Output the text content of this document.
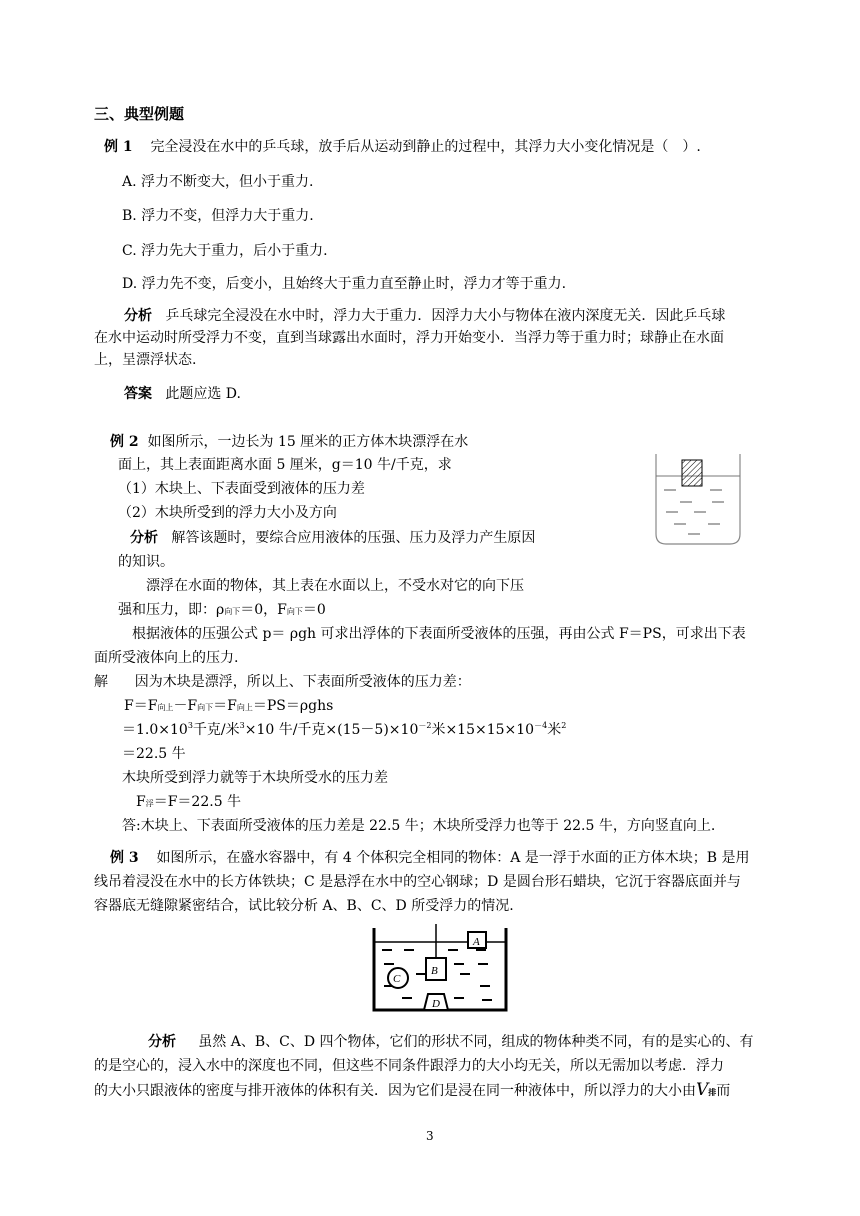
三、典型例题
例 1 完全浸没在水中的乒乓球，放手后从运动到静止的过程中，其浮力大小变化情况是（　）.
A. 浮力不断变大，但小于重力.
B. 浮力不变，但浮力大于重力.
C. 浮力先大于重力，后小于重力.
D. 浮力先不变，后变小，且始终大于重力直至静止时，浮力才等于重力.
分析 乒乓球完全浸没在水中时，浮力大于重力．因浮力大小与物体在液内深度无关．因此乒乓球
在水中运动时所受浮力不变，直到当球露出水面时，浮力开始变小．当浮力等于重力时；球静止在水面
上，呈漂浮状态.
答案 此题应选 D.
例 2 如图所示，一边长为 15 厘米的正方体木块漂浮在水
面上，其上表面距离水面 5 厘米，g＝10 牛/千克，求
（1）木块上、下表面受到液体的压力差
（2）木块所受到的浮力大小及方向
分析 解答该题时，要综合应用液体的压强、压力及浮力产生原因
的知识。
漂浮在水面的物体，其上表在水面以上，不受水对它的向下压
强和压力，即：ρ向下＝0，F向下＝0
根据液体的压强公式 p＝ ρgh 可求出浮体的下表面所受液体的压强，再由公式 F＝PS，可求出下表
面所受液体向上的压力.
解 因为木块是漂浮，所以上、下表面所受液体的压力差：
F＝F向上－F向下＝F向上＝PS＝ρghs
$=1.0\times 10^3$千克/米$^3$×10 牛/千克$\times(15-5)\times 10^{-2}$米$\times 15\times 15\times 10^{-4}$米$^2$
＝22.5 牛
木块所受到浮力就等于木块所受水的压力差
F浮＝F＝22.5 牛
答:木块上、下表面所受液体的压力差是 22.5 牛；木块所受浮力也等于 22.5 牛，方向竖直向上.
例 3 如图所示，在盛水容器中，有 4 个体积完全相同的物体：A 是一浮于水面的正方体木块；B 是用
线吊着浸没在水中的长方体铁块；C 是悬浮在水中的空心钢球；D 是圆台形石蜡块，它沉于容器底面并与
容器底无缝隙紧密结合，试比较分析 A、B、C、D 所受浮力的情况.
A
B
C
D
分析 虽然 A、B、C、D 四个物体，它们的形状不同，组成的物体种类不同，有的是实心的、有
的是空心的，浸入水中的深度也不同，但这些不同条件跟浮力的大小均无关，所以无需加以考虑．浮力
的大小只跟液体的密度与排开液体的体积有关．因为它们是浸在同一种液体中，所以浮力的大小由V排而
3
